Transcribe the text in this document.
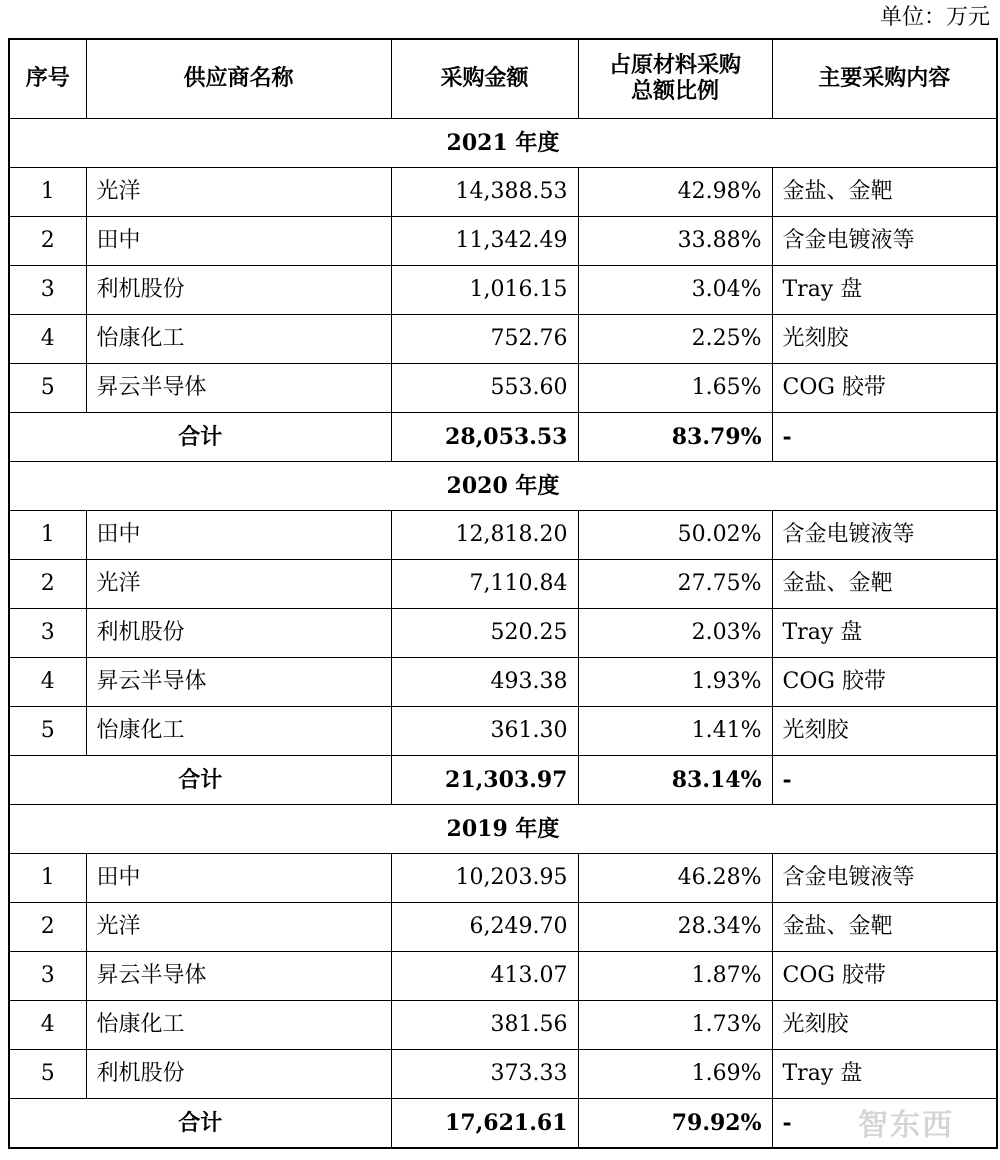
单位：万元
序号	供应商名称	采购金额	占原材料采购总额比例	主要采购内容
2021 年度				
1	光洋	14,388.53	42.98%	金盐、金靶
2	田中	11,342.49	33.88%	含金电镀液等
3	利机股份	1,016.15	3.04%	Tray 盘
4	怡康化工	752.76	2.25%	光刻胶
5	昇云半导体	553.60	1.65%	COG 胶带
合计		28,053.53	83.79%	-
2020 年度				
1	田中	12,818.20	50.02%	含金电镀液等
2	光洋	7,110.84	27.75%	金盐、金靶
3	利机股份	520.25	2.03%	Tray 盘
4	昇云半导体	493.38	1.93%	COG 胶带
5	怡康化工	361.30	1.41%	光刻胶
合计		21,303.97	83.14%	-
2019 年度				
1	田中	10,203.95	46.28%	含金电镀液等
2	光洋	6,249.70	28.34%	金盐、金靶
3	昇云半导体	413.07	1.87%	COG 胶带
4	怡康化工	381.56	1.73%	光刻胶
5	利机股份	373.33	1.69%	Tray 盘
合计		17,621.61	79.92%	- 智东西
